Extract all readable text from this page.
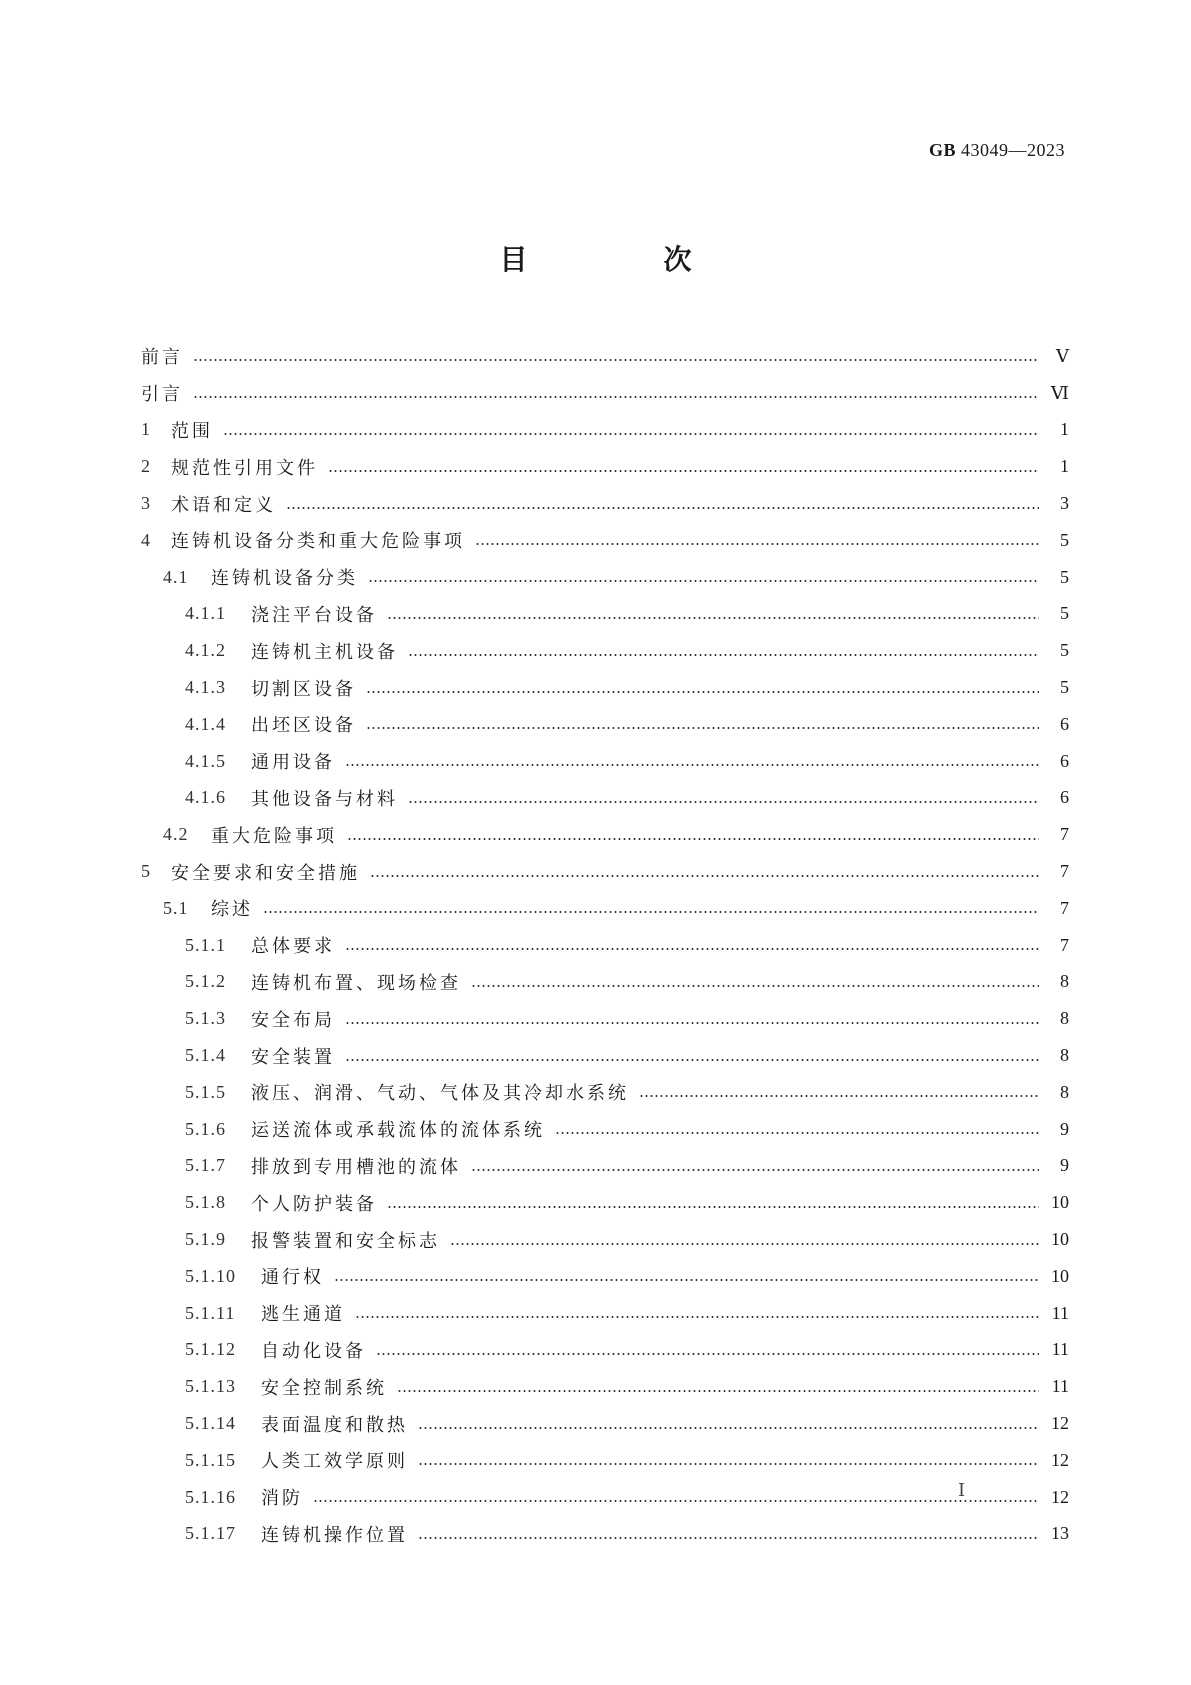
GB 43049—2023
目　次
前言	Ⅴ
引言	Ⅵ
1	范围	1
2	规范性引用文件	1
3	术语和定义	3
4	连铸机设备分类和重大危险事项	5
4.1	连铸机设备分类	5
4.1.1	浇注平台设备	5
4.1.2	连铸机主机设备	5
4.1.3	切割区设备	5
4.1.4	出坯区设备	6
4.1.5	通用设备	6
4.1.6	其他设备与材料	6
4.2	重大危险事项	7
5	安全要求和安全措施	7
5.1	综述	7
5.1.1	总体要求	7
5.1.2	连铸机布置、现场检查	8
5.1.3	安全布局	8
5.1.4	安全装置	8
5.1.5	液压、润滑、气动、气体及其冷却水系统	8
5.1.6	运送流体或承载流体的流体系统	9
5.1.7	排放到专用槽池的流体	9
5.1.8	个人防护装备	10
5.1.9	报警装置和安全标志	10
5.1.10	通行权	10
5.1.11	逃生通道	11
5.1.12	自动化设备	11
5.1.13	安全控制系统	11
5.1.14	表面温度和散热	12
5.1.15	人类工效学原则	12
5.1.16	消防	12
5.1.17	连铸机操作位置	13
Ⅰ
